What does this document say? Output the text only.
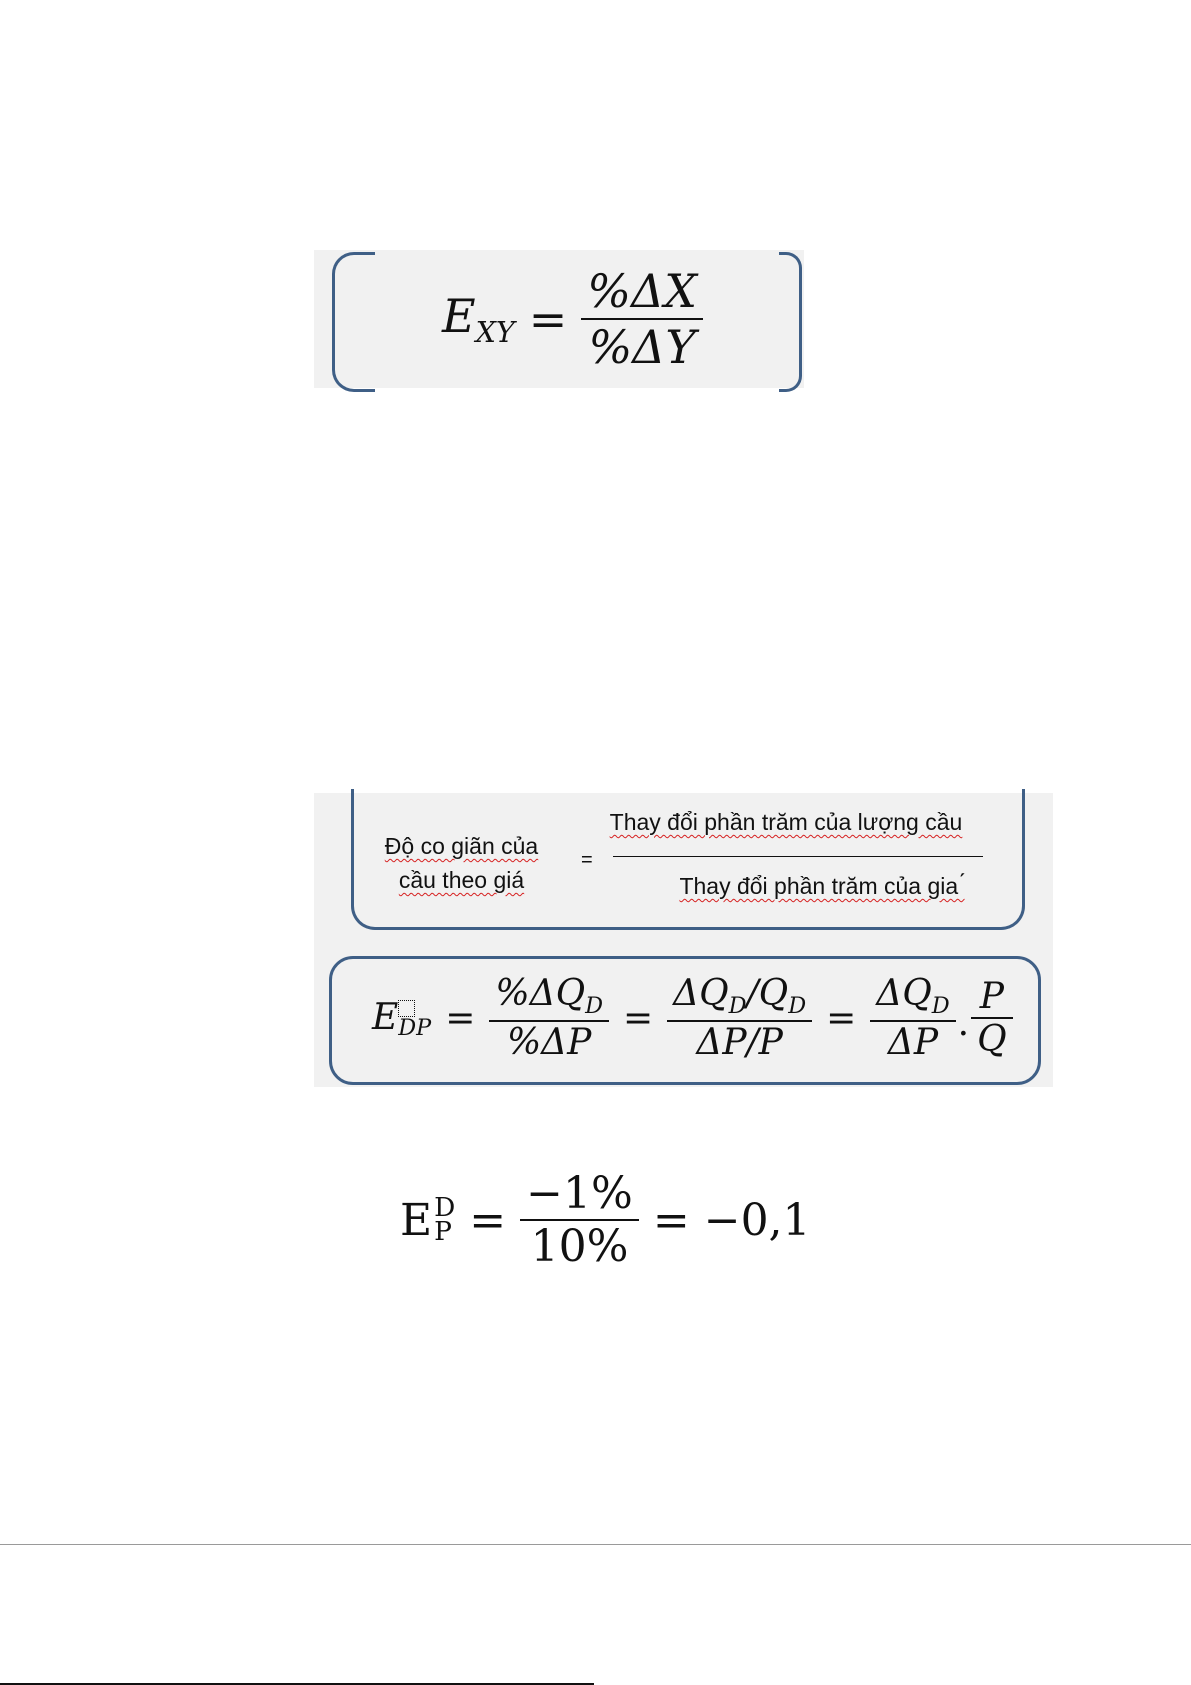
$E_{XY} = \frac{\%\Delta X}{\%\Delta Y}$
Độ co giãn của
cầu theo giá
=
Thay đổi phần trăm của lượng cầu
Thay đổi phần trăm của gia ́
E DP = $\frac{\%\Delta Q_D}{\%\Delta P} = \frac{\Delta Q_D/Q_D}{\Delta P/P} = \frac{\Delta Q_D}{\Delta P}$ . $\frac{P}{Q}$
E D
$P = \frac{-1\%}{10\%} = -0,1$
